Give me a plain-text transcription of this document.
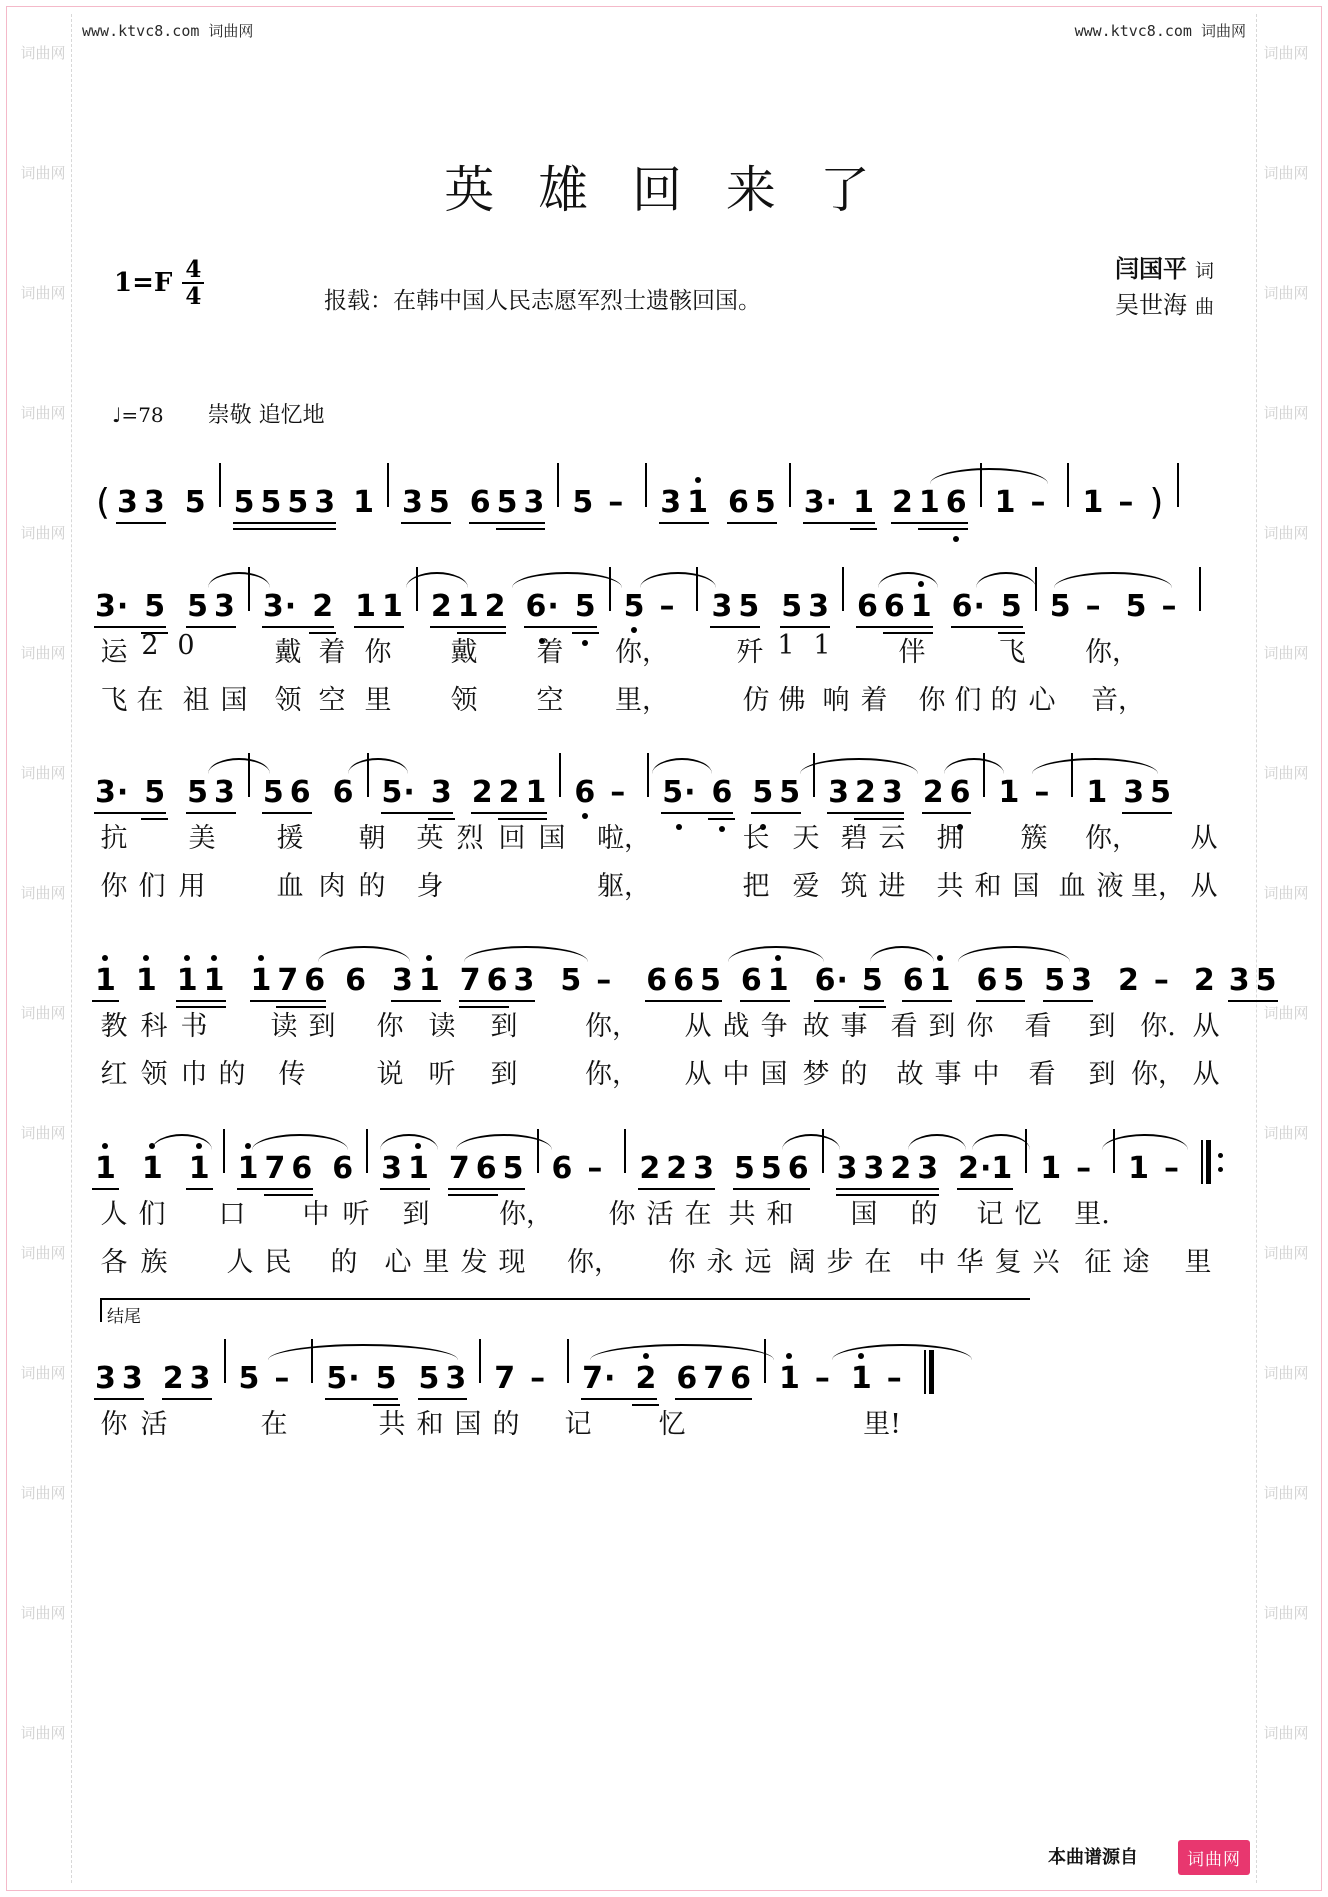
词曲网
词曲网
词曲网
词曲网
词曲网
词曲网
词曲网
词曲网
词曲网
词曲网
词曲网
词曲网
词曲网
词曲网
词曲网
词曲网
词曲网
词曲网
词曲网
词曲网
词曲网
词曲网
词曲网
词曲网
词曲网
词曲网
词曲网
词曲网
词曲网
词曲网
www.ktvc8.com 词曲网	www.ktvc8.com 词曲网
英 雄 回 来 了
$1=F \frac{4}{4}$	报载：在韩中国人民志愿军烈士遗骸回国。
闫国平 词
吴世海 曲
♩=78 崇敬 追忆地
( 3 3 5 5 5 5 3 1 3 5 6 5 3 5 –	3 1 6 5 3· 1 2 1 6 1 –	1 – )
3· 5 5 3 3· 2 1 1 2 1 2 6
· 5 5 –	3 5 5 3 6 6 1 6· 5 5 – 5 –
运 2 0	戴 着 你 戴 着 你，	歼 1 1	伴	飞 你，
飞 在 祖 国 领 空 里 领 空 里，	仿 佛 响 着 你 们 的 心 音，
3· 5 5 3 5 6 6 5· 3 2 2 1 6 –	5
· 6 5 5 3 2 3 2 6 1 –	1 3 5
抗 美 援 朝 英 烈 回 国 啦，	长 天 碧 云 拥 簇 你， 从
你 们 用	血 肉 的 身	躯，	把 爱 筑 进 共 和 国 血 液 里， 从
1 1 1 1 1 7 6 6 3 1 7 6 3 5 –	6 6 5 6 1 6· 5 6 1 6 5 5 3 2 – 2 3 5
教 科 书 读 到 你 读 到	你， 从 战 争 故 事 看 到 你 看 到 你. 从
红 领 巾 的 传	说 听 到	你， 从 中 国 梦 的 故 事 中 看 到 你， 从
1 1 1 1 7 6 6 3 1 7 6 5 6 –	2 2 3 5 5 6 3 3 2 3 2·1 1 –	1 –
人 们 口 中 听 到	你， 你 活 在 共 和 国 的 记 忆 里.
各 族 人 民 的 心 里 发 现 你， 你 永 远 阔 步 在 中 华 复 兴 征 途 里
结尾
3 3 2 3 5 –	5· 5 5 3 7 –	7· 2 6 7 6 1 – 1 –
你 活	在	共 和 国 的 记 忆	里!
本曲谱源自	词曲网
